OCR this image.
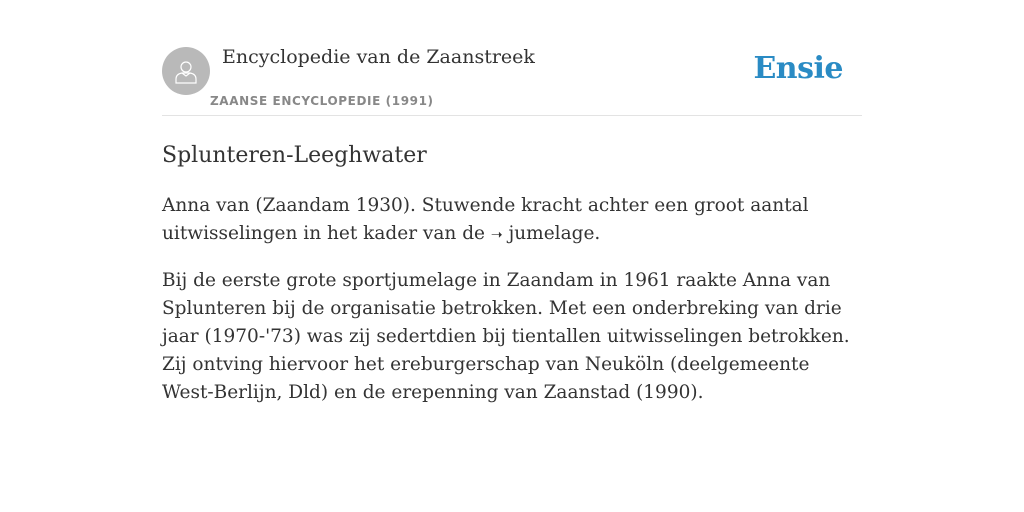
Encyclopedie van de Zaanstreek
ZAANSE ENCYCLOPEDIE (1991)
Ensie
Splunteren-Leeghwater

Anna van (Zaandam 1930). Stuwende kracht achter een groot aantal uitwisselingen in het kader van de ➝ jumelage.

Bij de eerste grote sportjumelage in Zaandam in 1961 raakte Anna van Splunteren bij de organisatie betrokken. Met een onderbreking van drie jaar (1970-'73) was zij sedertdien bij tientallen uitwisselingen betrokken. Zij ontving hiervoor het ereburgerschap van Neuköln (deelgemeente West-Berlijn, Dld) en de erepenning van Zaanstad (1990).
